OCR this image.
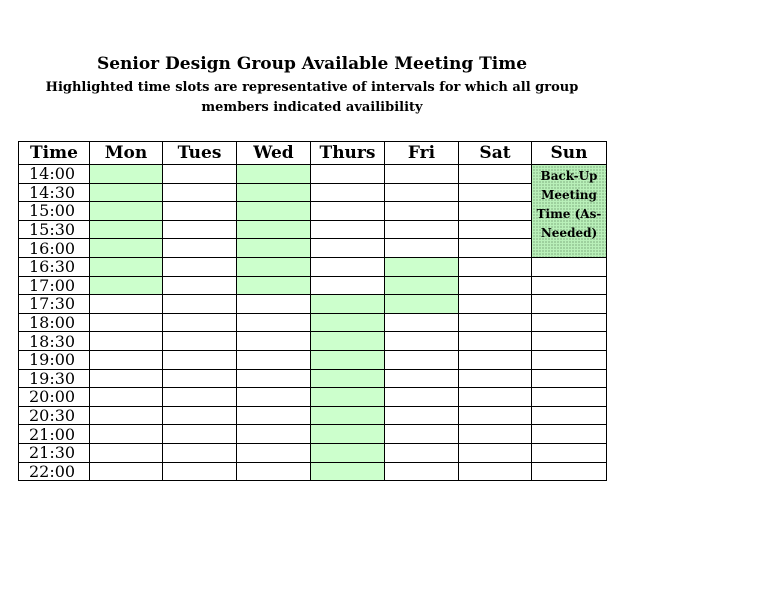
Senior Design Group Available Meeting Time
Highlighted time slots are representative of intervals for which all group members indicated availibility
Time	Mon	Tues	Wed	Thurs	Fri	Sat	Sun
14:00							Back-Up Meeting Time (As-Needed)

14:30							
15:00							
15:30							
16:00							
16:30							
17:00							
17:30							
18:00							
18:30							
19:00							
19:30							
20:00							
20:30							
21:00							
21:30							
22:00							
